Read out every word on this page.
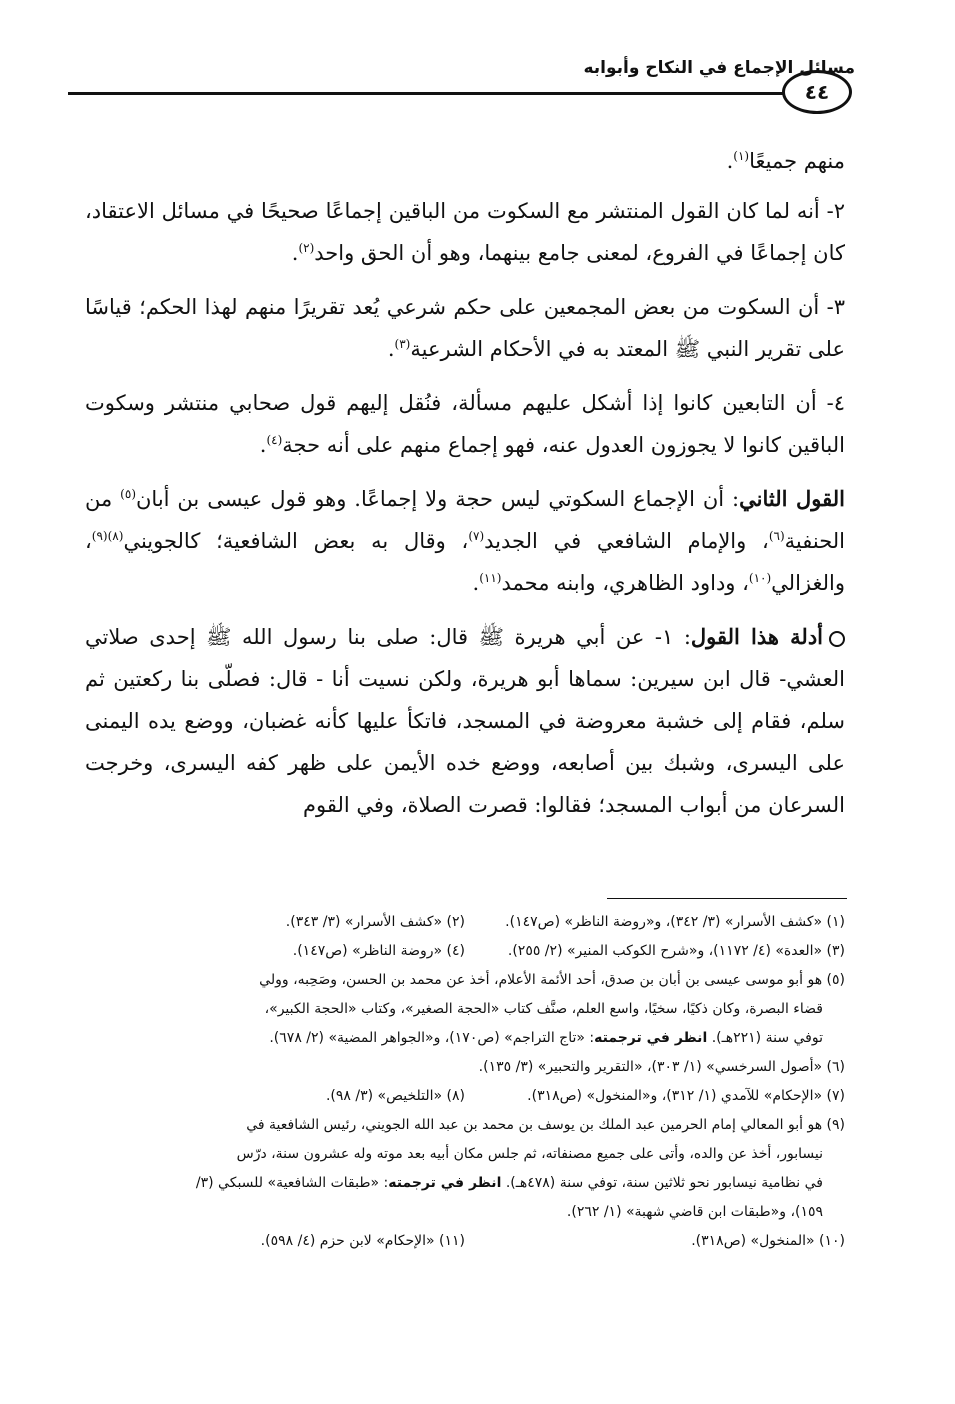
مسائل الإجماع في النكاح وأبوابه
٤٤

منهم جميعًا$^{(١)}$.

٢- أنه لما كان القول المنتشر مع السكوت من الباقين إجماعًا صحيحًا في مسائل الاعتقاد، كان إجماعًا في الفروع، لمعنى جامع بينهما، وهو أن الحق واحد$^{(٢)}$.

٣- أن السكوت من بعض المجمعين على حكم شرعي يُعد تقريرًا منهم لهذا الحكم؛ قياسًا على تقرير النبي ﷺ المعتد به في الأحكام الشرعية$^{(٣)}$.

٤- أن التابعين كانوا إذا أشكل عليهم مسألة، فنُقل إليهم قول صحابي منتشر وسكوت الباقين كانوا لا يجوزون العدول عنه، فهو إجماع منهم على أنه حجة$^{(٤)}$.

القول الثاني: أن الإجماع السكوتي ليس حجة ولا إجماعًا. وهو قول عيسى بن أبان$^{(٥)}$ من الحنفية$^{(٦)}$، والإمام الشافعي في الجديد$^{(٧)}$، وقال به بعض الشافعية؛ كالجويني$^{(٨)(٩)}$، والغزالي$^{(١٠)}$، وداود الظاهري، وابنه محمد$^{(١١)}$.

أدلة هذا القول: ١- عن أبي هريرة ﷺ قال: صلى بنا رسول الله ﷺ إحدى صلاتي العشي- قال ابن سيرين: سماها أبو هريرة، ولكن نسيت أنا - قال: فصلّى بنا ركعتين ثم سلم، فقام إلى خشبة معروضة في المسجد، فاتكأ عليها كأنه غضبان، ووضع يده اليمنى على اليسرى، وشبك بين أصابعه، ووضع خده الأيمن على ظهر كفه اليسرى، وخرجت السرعان من أبواب المسجد؛ فقالوا: قصرت الصلاة، وفي القوم

(١) «كشف الأسرار» (٣/ ٣٤٢)، و«روضة الناظر» (ص١٤٧).
(٢) «كشف الأسرار» (٣/ ٣٤٣).
(٣) «العدة» (٤/ ١١٧٢)، و«شرح الكوكب المنير» (٢/ ٢٥٥).
(٤) «روضة الناظر» (ص١٤٧).
(٥) هو أبو موسى عيسى بن أبان بن صدق، أحد الأئمة الأعلام، أخذ عن محمد بن الحسن، وصَحِبه، وولي
قضاء البصرة، وكان ذكيًا، سخيًا، واسع العلم، صنَّف كتاب «الحجة الصغير»، وكتاب «الحجة الكبير»،
توفي سنة (٢٢١هـ). انظر في ترجمته: «تاج التراجم» (ص١٧٠)، و«الجواهر المضية» (٢/ ٦٧٨).
(٦) «أصول السرخسي» (١/ ٣٠٣)، «التقرير والتحبير» (٣/ ١٣٥).
(٧) «الإحكام» للآمدي (١/ ٣١٢)، و«المنخول» (ص٣١٨).
(٨) «التلخيص» (٣/ ٩٨).
(٩) هو أبو المعالي إمام الحرمين عبد الملك بن يوسف بن محمد بن عبد الله الجويني، رئيس الشافعية في
نيسابور، أخذ عن والده، وأتى على جميع مصنفاته، ثم جلس مكان أبيه بعد موته وله عشرون سنة، درّس
في نظامية نيسابور نحو ثلاثين سنة، توفي سنة (٤٧٨هـ). انظر في ترجمته: «طبقات الشافعية» للسبكي (٣/
١٥٩)، و«طبقات ابن قاضي شهبة» (١/ ٢٦٢).
(١٠) «المنخول» (ص٣١٨).
(١١) «الإحكام» لابن حزم (٤/ ٥٩٨).
